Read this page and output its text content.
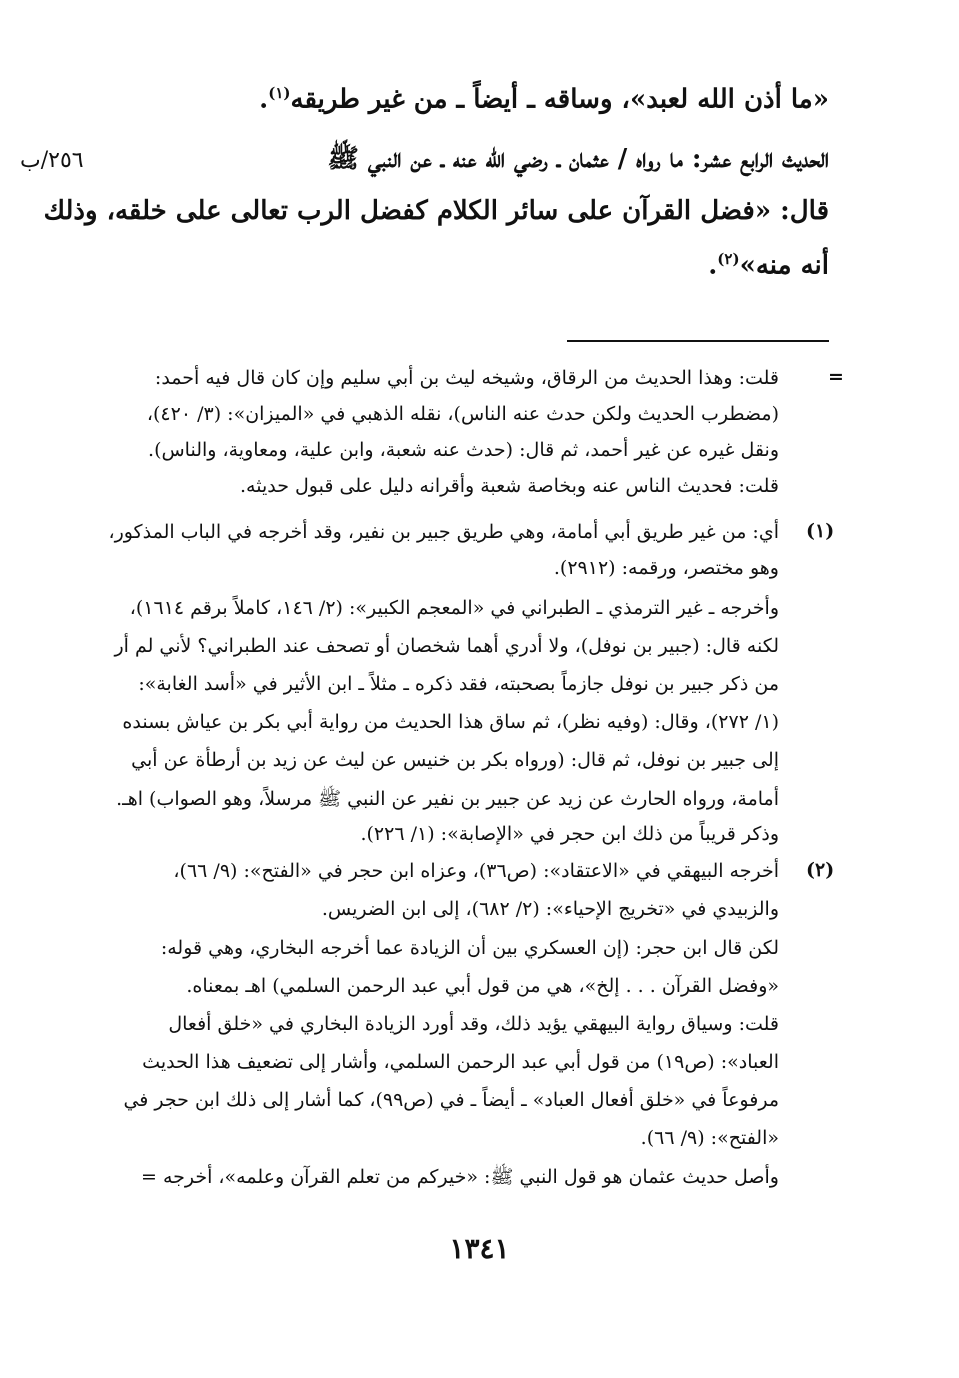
«ما أذن الله لعبد»، وساقه ـ أيضاً ـ من غير طريقه$^{(١)}$.
الحديث الرابع عشر: ما رواه / عثمان ـ رضي الله عنه ـ عن النبي ﷺ
٢٥٦/ب
قال: «فضل القرآن على سائر الكلام كفضل الرب تعالى على خلقه، وذلك
أنه منه»$^{(٢)}$.
=
قلت: وهذا الحديث من الرقاق، وشيخه ليث بن أبي سليم وإن كان قال فيه أحمد:
(مضطرب الحديث ولكن حدث عنه الناس)، نقله الذهبي في «الميزان»: (٣/ ٤٢٠)،
ونقل غيره عن غير أحمد، ثم قال: (حدث عنه شعبة، وابن علية، ومعاوية، والناس).
قلت: فحديث الناس عنه وبخاصة شعبة وأقرانه دليل على قبول حديثه.
(١)
أي: من غير طريق أبي أمامة، وهي طريق جبير بن نفير، وقد أخرجه في الباب المذكور،
وهو مختصر، ورقمه: (٢٩١٢).
وأخرجه ـ غير الترمذي ـ الطبراني في «المعجم الكبير»: (٢/ ١٤٦، كاملاً برقم ١٦١٤)،
لكنه قال: (جبير بن نوفل)، ولا أدري أهما شخصان أو تصحف عند الطبراني؟ لأني لم أر
من ذكر جبير بن نوفل جازماً بصحبته، فقد ذكره ـ مثلاً ـ ابن الأثير في «أسد الغابة»:
(١/ ٢٧٢)، وقال: (وفيه نظر)، ثم ساق هذا الحديث من رواية أبي بكر بن عياش بسنده
إلى جبير بن نوفل، ثم قال: (ورواه بكر بن خنيس عن ليث عن زيد بن أرطأة عن أبي
أمامة، ورواه الحارث عن زيد عن جبير بن نفير عن النبي ﷺ مرسلاً، وهو الصواب) اهـ.
وذكر قريباً من ذلك ابن حجر في «الإصابة»: (١/ ٢٢٦).
(٢)
أخرجه البيهقي في «الاعتقاد»: (ص٣٦)، وعزاه ابن حجر في «الفتح»: (٩/ ٦٦)،
والزبيدي في «تخريج الإحياء»: (٢/ ٦٨٢)، إلى ابن الضريس.
لكن قال ابن حجر: (إن العسكري بين أن الزيادة عما أخرجه البخاري، وهي قوله:
«وفضل القرآن . . . إلخ»، هي من قول أبي عبد الرحمن السلمي) اهـ بمعناه.
قلت: وسياق رواية البيهقي يؤيد ذلك، وقد أورد الزيادة البخاري في «خلق أفعال
العباد»: (ص١٩) من قول أبي عبد الرحمن السلمي، وأشار إلى تضعيف هذا الحديث
مرفوعاً في «خلق أفعال العباد» ـ أيضاً ـ في (ص٩٩)، كما أشار إلى ذلك ابن حجر في
«الفتح»: (٩/ ٦٦).
وأصل حديث عثمان هو قول النبي ﷺ: «خيركم من تعلم القرآن وعلمه»، أخرجه =
١٣٤١
